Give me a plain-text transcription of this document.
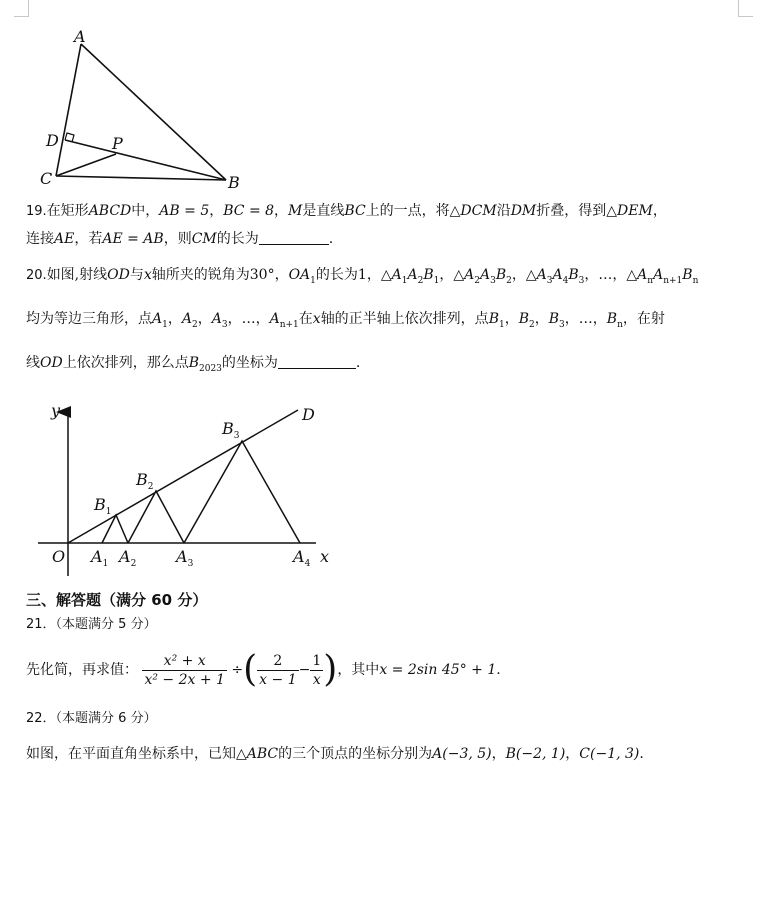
A
D	P
C	B
19.在矩形ABCD中，AB = 5，BC = 8，M是直线BC上的一点，将△DCM沿DM折叠，得到△DEM，
连接AE，若AE = AB，则CM的长为	.
20.如图,射线OD与x轴所夹的锐角为30°，$OA_1$的长为1，$\triangle A_1A_2B_1$，$\triangle A_2A_3B_2$，$\triangle A_3A_4B_3$，…，$\triangle A_nA_{n+1}B_n$
均为等边三角形，点$A_1$，$A_2$，$A_3$，…，$A_{n+1}$在x轴的正半轴上依次排列，点$B_1$，$B_2$，$B_3$，…，$B_n$，在射
线OD上依次排列，那么点$B_{2023}$的坐标为	.
y	D
$B_3$
$B_2$
$B_1$
O $A_1$ $A_2$ $A_3$	$A_4$ x
三、解答题（满分 60 分）
21．（本题满分 5 分）
先化简，再求值： $\frac{\text{x² + x}}{\text{x² − 2x + 1}}$ ÷( $\frac{2}{x - 1} - \frac{1}{x}$ )，其中x = 2sin 45° + 1.
22．（本题满分 6 分）
如图，在平面直角坐标系中，已知△ABC的三个顶点的坐标分别为A(−3, 5)，B(−2, 1)，C(−1, 3).
